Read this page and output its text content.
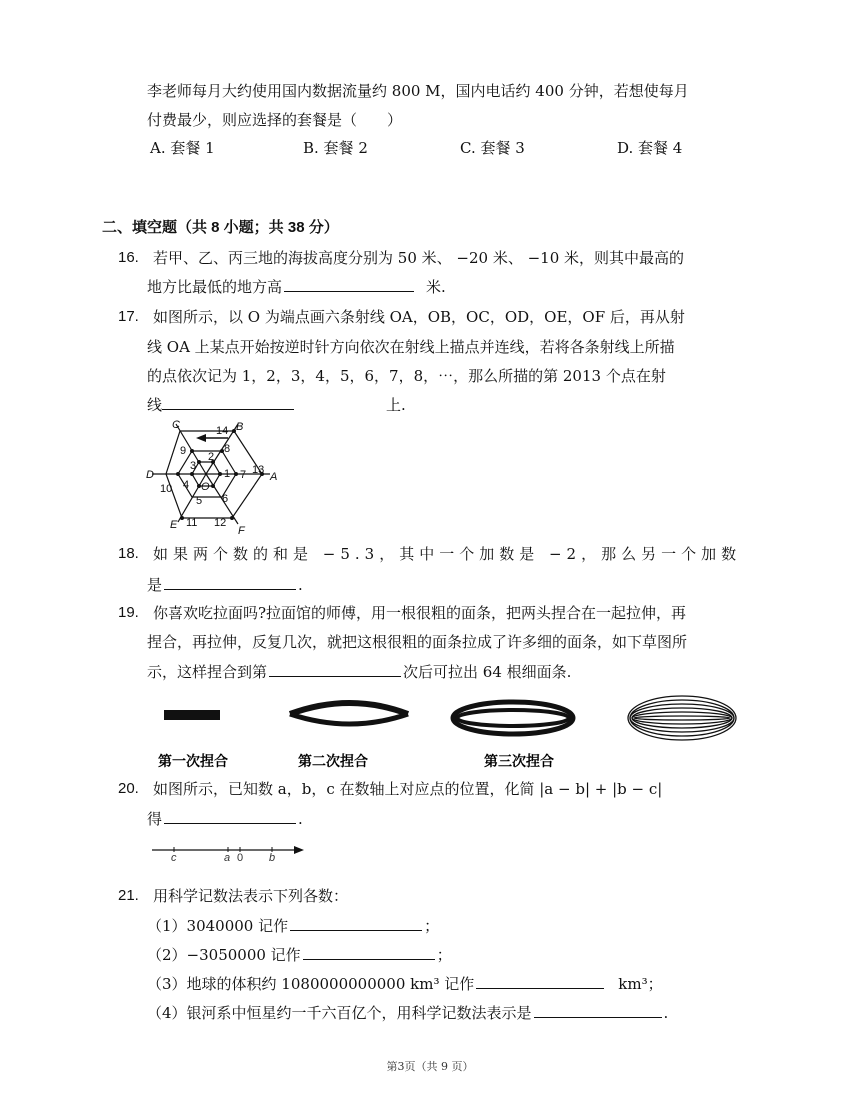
李老师每月大约使用国内数据流量约 800 M，国内电话约 400 分钟，若想使每月
付费最少，则应选择的套餐是（　　）
A. 套餐 1	B. 套餐 2	C. 套餐 3	D. 套餐 4
二、填空题（共 8 小题；共 38 分）
16. 若甲、乙、丙三地的海拔高度分别为 50 米、 −20 米、 −10 米，则其中最高的
地方比最低的地方高	米.
17. 如图所示，以 O 为端点画六条射线 OA，OB，OC，OD，OE，OF 后，再从射
线 OA 上某点开始按逆时针方向依次在射线上描点并连线，若将各条射线上所描
的点依次记为 1，2，3，4，5，6，7，8，⋯，那么所描的第 2013 个点在射
线	上.
D	A
B
C
E	F
O
1
2
3
4
5 6
7
8
9
10
11 12
13
14
18. 如果两个数的和是 −5.3，其中一个加数是 −2，那么另一个加数
是	.
19. 你喜欢吃拉面吗?拉面馆的师傅，用一根很粗的面条，把两头捏合在一起拉伸，再
捏合，再拉伸，反复几次，就把这根很粗的面条拉成了许多细的面条，如下草图所
示，这样捏合到第	次后可拉出 64 根细面条.
第一次捏合	第二次捏合	第三次捏合
20. 如图所示，已知数 a，b，c 在数轴上对应点的位置，化简 |a − b| + |b − c|
得	.
c	a 0 b
21. 用科学记数法表示下列各数：
（1）3040000 记作	；
（2）−3050000 记作	；
（3）地球的体积约 1080000000000 km³ 记作	km³；
（4）银河系中恒星约一千六百亿个，用科学记数法表示是	.
第3页（共 9 页）
